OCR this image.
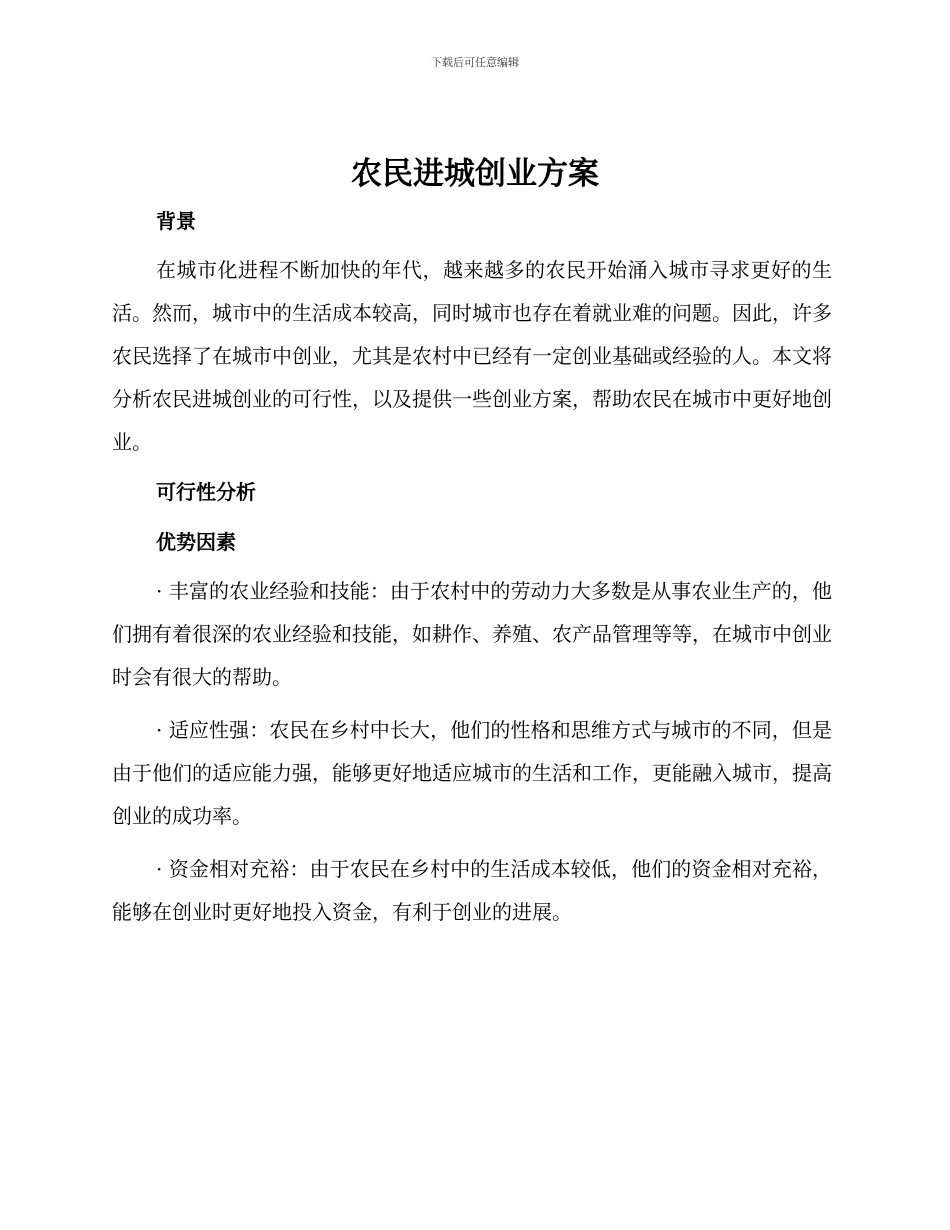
下载后可任意编辑
农民进城创业方案

背景

在城市化进程不断加快的年代，越来越多的农民开始涌入城市寻求更好的生活。然而，城市中的生活成本较高，同时城市也存在着就业难的问题。因此，许多农民选择了在城市中创业，尤其是农村中已经有一定创业基础或经验的人。本文将分析农民进城创业的可行性，以及提供一些创业方案，帮助农民在城市中更好地创业。

可行性分析

优势因素

· 丰富的农业经验和技能：由于农村中的劳动力大多数是从事农业生产的，他们拥有着很深的农业经验和技能，如耕作、养殖、农产品管理等等，在城市中创业时会有很大的帮助。

· 适应性强：农民在乡村中长大，他们的性格和思维方式与城市的不同，但是由于他们的适应能力强，能够更好地适应城市的生活和工作，更能融入城市，提高创业的成功率。

· 资金相对充裕：由于农民在乡村中的生活成本较低，他们的资金相对充裕，能够在创业时更好地投入资金，有利于创业的进展。
